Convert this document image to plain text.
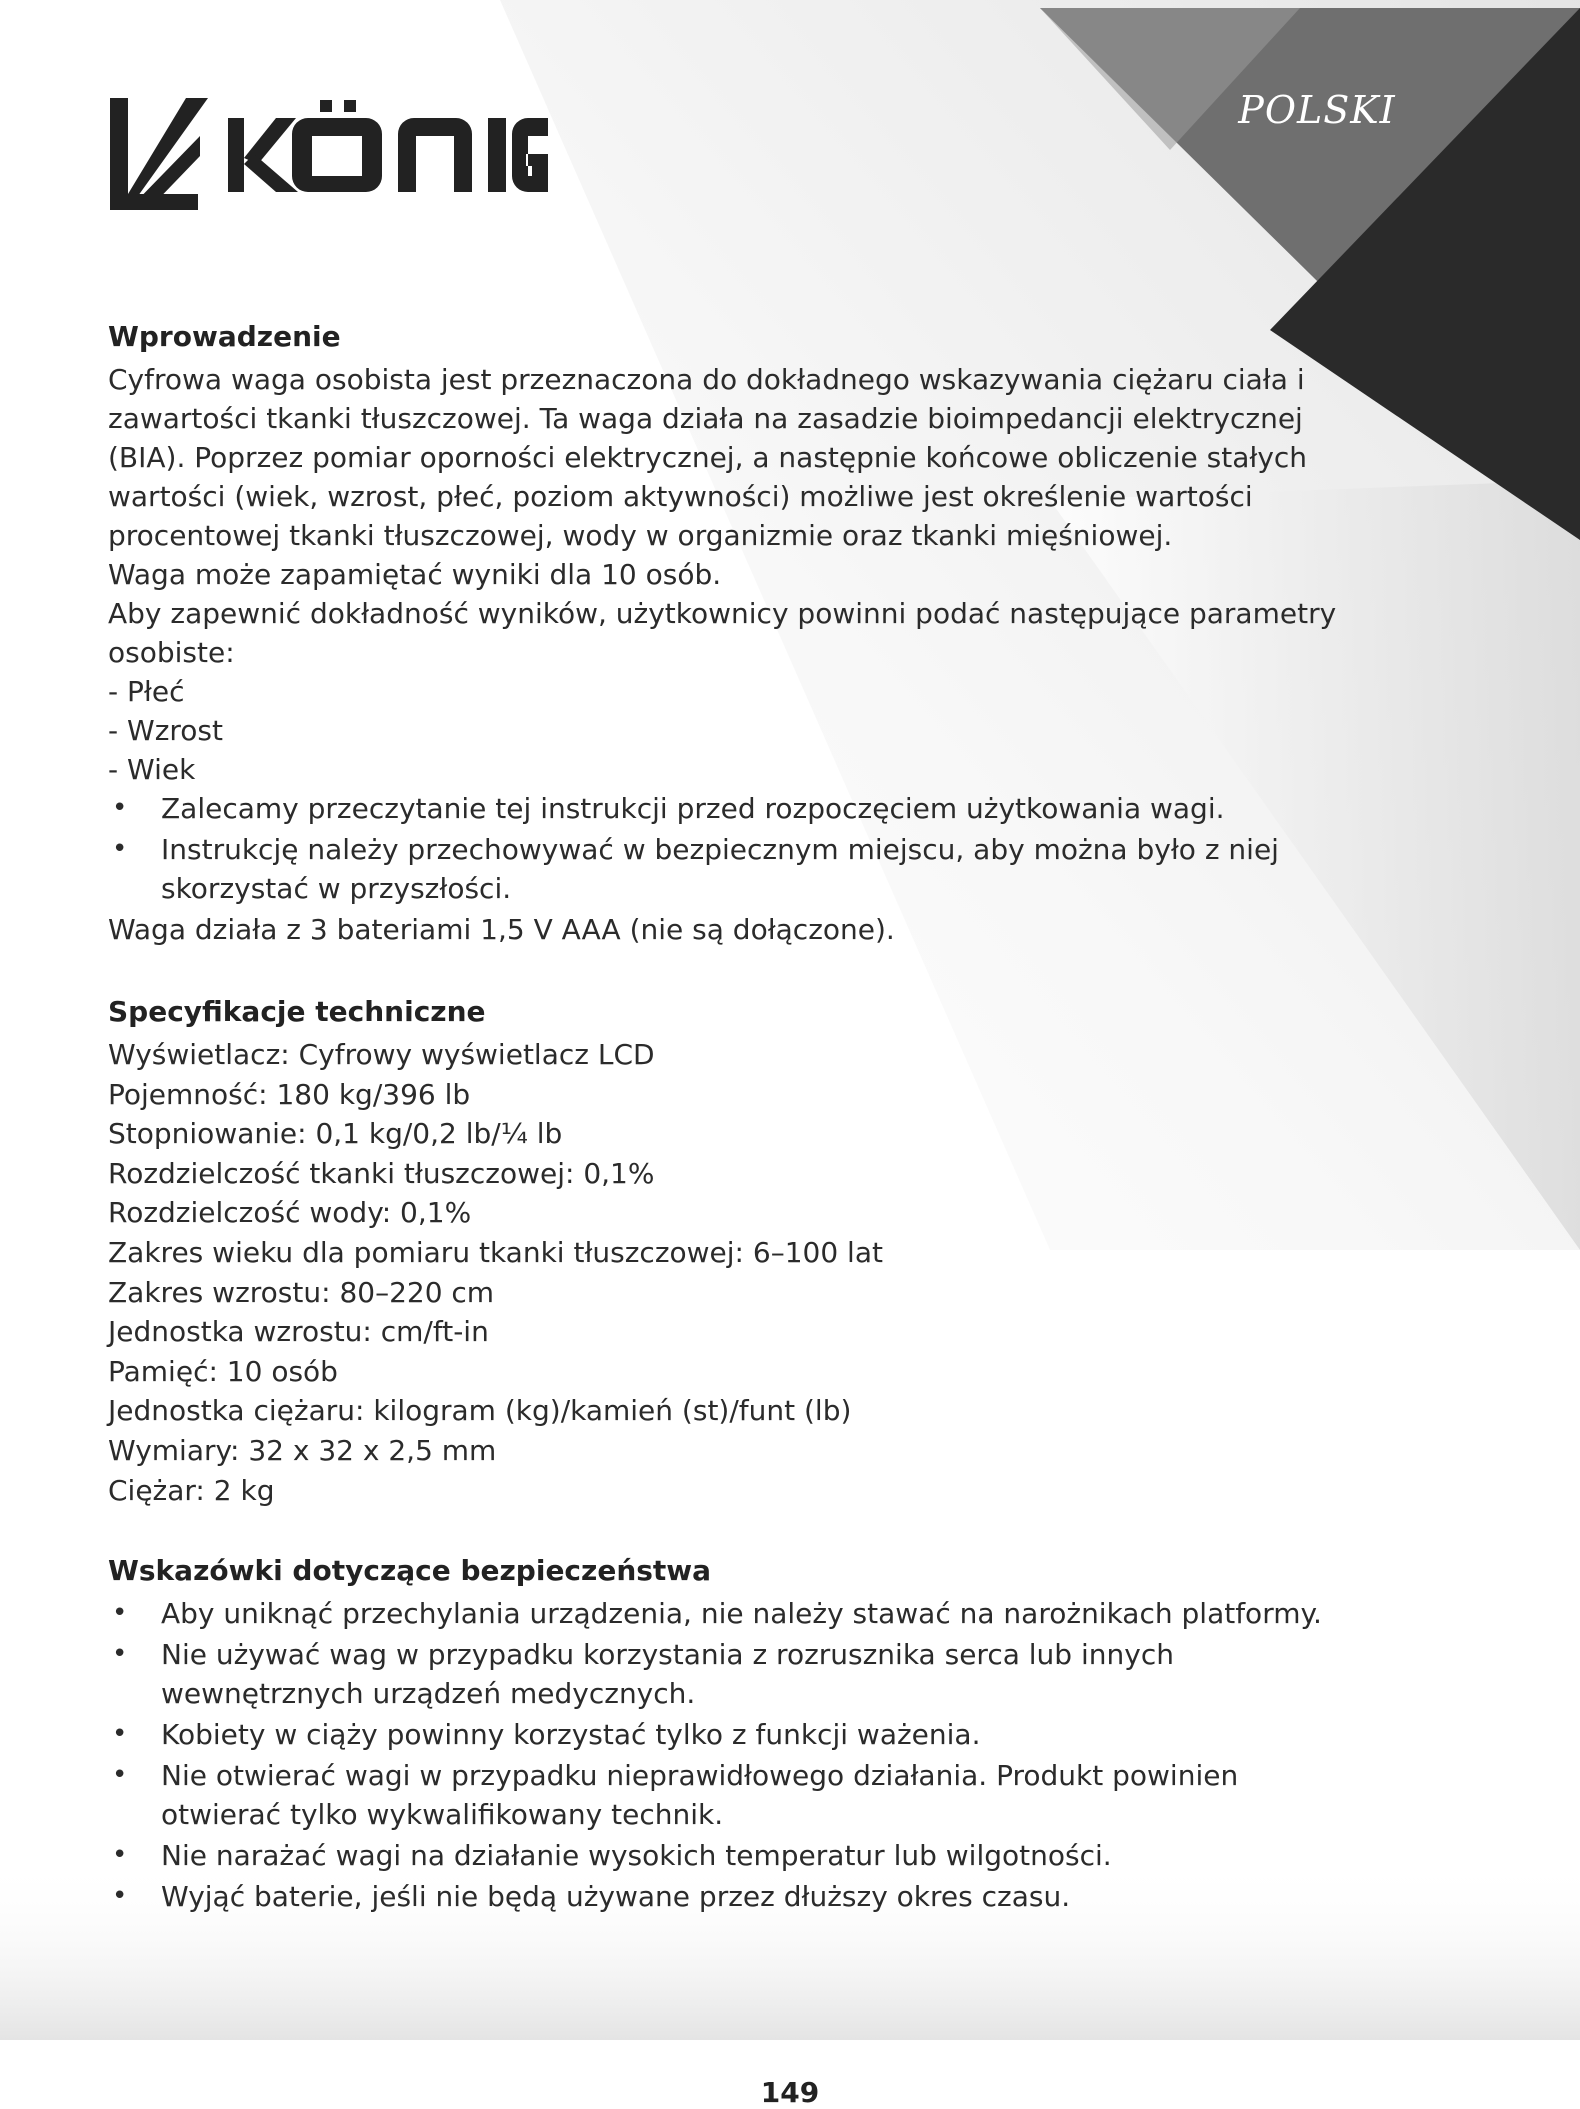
POLSKI
Wprowadzenie

Cyfrowa waga osobista jest przeznaczona do dokładnego wskazywania ciężaru ciała i zawartości tkanki tłuszczowej. Ta waga działa na zasadzie bioimpedancji elektrycznej (BIA). Poprzez pomiar oporności elektrycznej, a następnie końcowe obliczenie stałych wartości (wiek, wzrost, płeć, poziom aktywności) możliwe jest określenie wartości procentowej tkanki tłuszczowej, wody w organizmie oraz tkanki mięśniowej.

Waga może zapamiętać wyniki dla 10 osób.

Aby zapewnić dokładność wyników, użytkownicy powinni podać następujące parametry osobiste:

- Płeć
- Wzrost
- Wiek
• Zalecamy przeczytanie tej instrukcji przed rozpoczęciem użytkowania wagi.
• Instrukcję należy przechowywać w bezpiecznym miejscu, aby można było z niej skorzystać w przyszłości.

Waga działa z 3 bateriami 1,5 V AAA (nie są dołączone).

Specyfikacje techniczne
Wyświetlacz: Cyfrowy wyświetlacz LCD
Pojemność: 180 kg/396 lb
Stopniowanie: 0,1 kg/0,2 lb/¼ lb
Rozdzielczość tkanki tłuszczowej: 0,1%
Rozdzielczość wody: 0,1%
Zakres wieku dla pomiaru tkanki tłuszczowej: 6–100 lat
Zakres wzrostu: 80–220 cm
Jednostka wzrostu: cm/ft-in
Pamięć: 10 osób
Jednostka ciężaru: kilogram (kg)/kamień (st)/funt (lb)
Wymiary: 32 x 32 x 2,5 mm
Ciężar: 2 kg
Wskazówki dotyczące bezpieczeństwa
• Aby uniknąć przechylania urządzenia, nie należy stawać na narożnikach platformy.
• Nie używać wag w przypadku korzystania z rozrusznika serca lub innych wewnętrznych urządzeń medycznych.
• Kobiety w ciąży powinny korzystać tylko z funkcji ważenia.
• Nie otwierać wagi w przypadku nieprawidłowego działania. Produkt powinien otwierać tylko wykwalifikowany technik.
• Nie narażać wagi na działanie wysokich temperatur lub wilgotności.
• Wyjąć baterie, jeśli nie będą używane przez dłuższy okres czasu.
149
